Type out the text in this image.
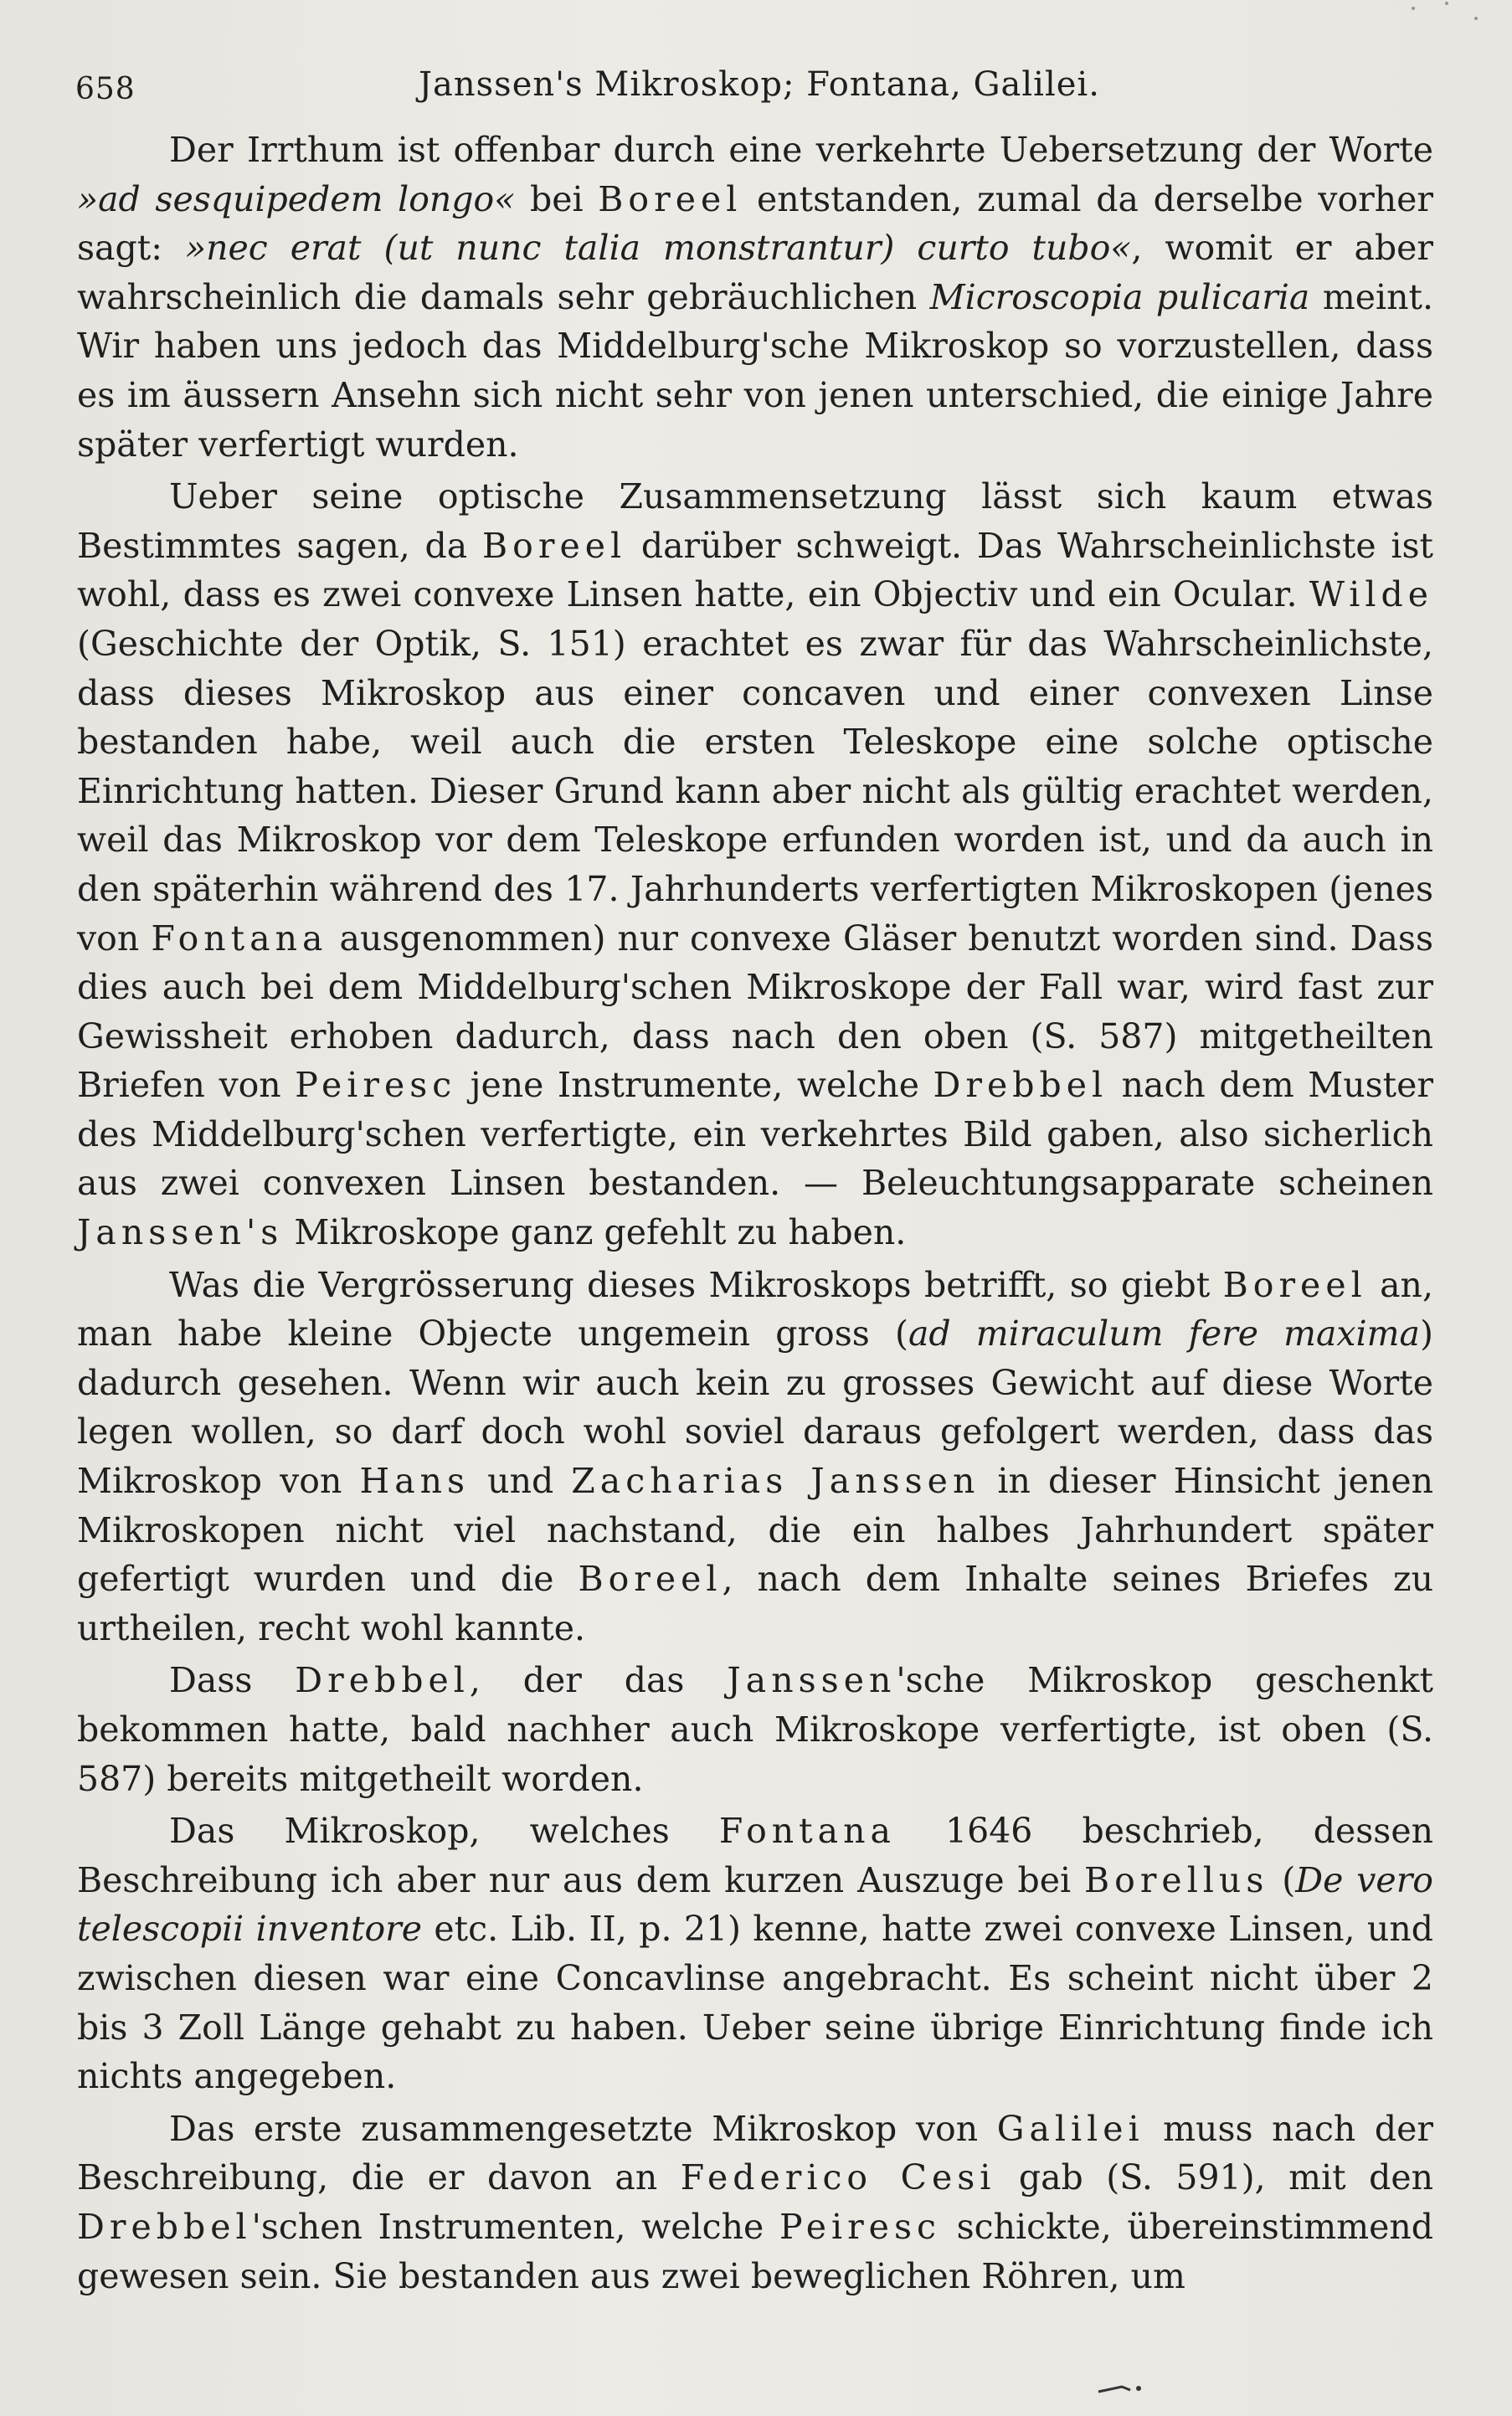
658	Janssen's Mikroskop; Fontana, Galilei.

Der Irrthum ist offenbar durch eine verkehrte Uebersetzung der Worte »ad sesquipedem longo« bei Boreel entstanden, zumal da derselbe vorher sagt: »nec erat (ut nunc talia monstrantur) curto tubo«, womit er aber wahrscheinlich die damals sehr gebräuchlichen Microscopia pulicaria meint. Wir haben uns jedoch das Middelburg'sche Mikroskop so vorzustellen, dass es im äussern Ansehn sich nicht sehr von jenen unterschied, die einige Jahre später verfertigt wurden.

Ueber seine optische Zusammensetzung lässt sich kaum etwas Bestimmtes sagen, da Boreel darüber schweigt. Das Wahrscheinlichste ist wohl, dass es zwei convexe Linsen hatte, ein Objectiv und ein Ocular. Wilde (Geschichte der Optik, S. 151) erachtet es zwar für das Wahrscheinlichste, dass dieses Mikroskop aus einer concaven und einer convexen Linse bestanden habe, weil auch die ersten Teleskope eine solche optische Einrichtung hatten. Dieser Grund kann aber nicht als gültig erachtet werden, weil das Mikroskop vor dem Teleskope erfunden worden ist, und da auch in den späterhin während des 17. Jahrhunderts verfertigten Mikroskopen (jenes von Fontana ausgenommen) nur convexe Gläser benutzt worden sind. Dass dies auch bei dem Middelburg'schen Mikroskope der Fall war, wird fast zur Gewissheit erhoben dadurch, dass nach den oben (S. 587) mitgetheilten Briefen von Peiresc jene Instrumente, welche Drebbel nach dem Muster des Middelburg'schen verfertigte, ein verkehrtes Bild gaben, also sicherlich aus zwei convexen Linsen bestanden. — Beleuchtungsapparate scheinen Janssen's Mikroskope ganz gefehlt zu haben.

Was die Vergrösserung dieses Mikroskops betrifft, so giebt Boreel an, man habe kleine Objecte ungemein gross (ad miraculum fere maxima) dadurch gesehen. Wenn wir auch kein zu grosses Gewicht auf diese Worte legen wollen, so darf doch wohl soviel daraus gefolgert werden, dass das Mikroskop von Hans und Zacharias Janssen in dieser Hinsicht jenen Mikroskopen nicht viel nachstand, die ein halbes Jahrhundert später gefertigt wurden und die Boreel, nach dem Inhalte seines Briefes zu urtheilen, recht wohl kannte.

Dass Drebbel, der das Janssen'sche Mikroskop geschenkt bekommen hatte, bald nachher auch Mikroskope verfertigte, ist oben (S. 587) bereits mitgetheilt worden.

Das Mikroskop, welches Fontana 1646 beschrieb, dessen Beschreibung ich aber nur aus dem kurzen Auszuge bei Borellus (De vero telescopii inventore etc. Lib. II, p. 21) kenne, hatte zwei convexe Linsen, und zwischen diesen war eine Concavlinse angebracht. Es scheint nicht über 2 bis 3 Zoll Länge gehabt zu haben. Ueber seine übrige Einrichtung finde ich nichts angegeben.

Das erste zusammengesetzte Mikroskop von Galilei muss nach der Beschreibung, die er davon an Federico Cesi gab (S. 591), mit den Drebbel'schen Instrumenten, welche Peiresc schickte, übereinstimmend gewesen sein. Sie bestanden aus zwei beweglichen Röhren, um
